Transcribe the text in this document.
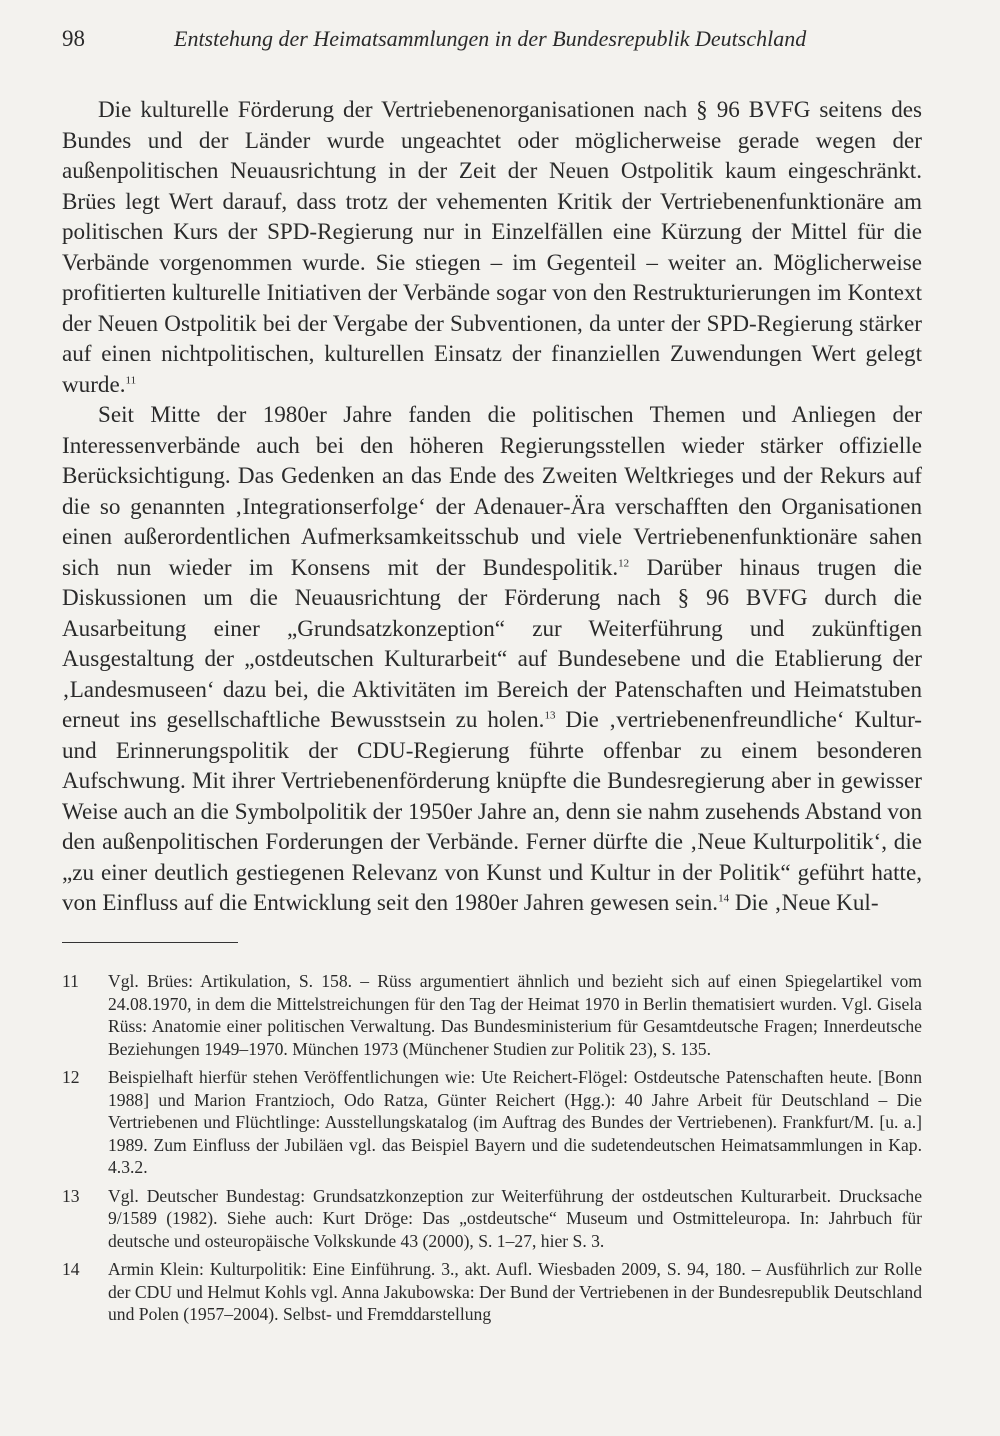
98	Entstehung der Heimatsammlungen in der Bundesrepublik Deutschland

Die kulturelle Förderung der Vertriebenenorganisationen nach § 96 BVFG seitens des Bundes und der Länder wurde ungeachtet oder möglicherweise gerade wegen der außenpolitischen Neuausrichtung in der Zeit der Neuen Ostpolitik kaum eingeschränkt. Brües legt Wert darauf, dass trotz der vehementen Kritik der Vertriebenenfunktionäre am politischen Kurs der SPD-Regierung nur in Einzelfällen eine Kürzung der Mittel für die Verbände vorgenommen wurde. Sie stiegen – im Gegenteil – weiter an. Möglicherweise profitierten kulturelle Initiativen der Verbände sogar von den Restrukturierungen im Kontext der Neuen Ostpolitik bei der Vergabe der Subventionen, da unter der SPD-Regierung stärker auf einen nichtpolitischen, kulturellen Einsatz der finanziellen Zuwendungen Wert gelegt wurde.$^{11}$

Seit Mitte der 1980er Jahre fanden die politischen Themen und Anliegen der Interessenverbände auch bei den höheren Regierungsstellen wieder stärker offizielle Berücksichtigung. Das Gedenken an das Ende des Zweiten Weltkrieges und der Rekurs auf die so genannten ‚Integrationserfolge‘ der Adenauer-Ära verschafften den Organisationen einen außerordentlichen Aufmerksamkeitsschub und viele Vertriebenenfunktionäre sahen sich nun wieder im Konsens mit der Bundespolitik.$^{12}$ Darüber hinaus trugen die Diskussionen um die Neuausrichtung der Förderung nach § 96 BVFG durch die Ausarbeitung einer „Grundsatzkonzeption“ zur Weiterführung und zukünftigen Ausgestaltung der „ostdeutschen Kulturarbeit“ auf Bundesebene und die Etablierung der ‚Landesmuseen‘ dazu bei, die Aktivitäten im Bereich der Patenschaften und Heimatstuben erneut ins gesellschaftliche Bewusstsein zu holen.$^{13}$ Die ‚vertriebenenfreundliche‘ Kultur- und Erinnerungspolitik der CDU-Regierung führte offenbar zu einem besonderen Aufschwung. Mit ihrer Vertriebenenförderung knüpfte die Bundesregierung aber in gewisser Weise auch an die Symbolpolitik der 1950er Jahre an, denn sie nahm zusehends Abstand von den außenpolitischen Forderungen der Verbände. Ferner dürfte die ‚Neue Kulturpolitik‘, die „zu einer deutlich gestiegenen Relevanz von Kunst und Kultur in der Politik“ geführt hatte, von Einfluss auf die Entwicklung seit den 1980er Jahren gewesen sein.$^{14}$ Die ‚Neue Kul-

11 Vgl. Brües: Artikulation, S. 158. – Rüss argumentiert ähnlich und bezieht sich auf einen Spiegelartikel vom 24.08.1970, in dem die Mittelstreichungen für den Tag der Heimat 1970 in Berlin thematisiert wurden. Vgl. Gisela Rüss: Anatomie einer politischen Verwaltung. Das Bundesministerium für Gesamtdeutsche Fragen; Innerdeutsche Beziehungen 1949–1970. München 1973 (Münchener Studien zur Politik 23), S. 135.

12 Beispielhaft hierfür stehen Veröffentlichungen wie: Ute Reichert-Flögel: Ostdeutsche Patenschaften heute. [Bonn 1988] und Marion Frantzioch, Odo Ratza, Günter Reichert (Hgg.): 40 Jahre Arbeit für Deutschland – Die Vertriebenen und Flüchtlinge: Ausstellungskatalog (im Auftrag des Bundes der Vertriebenen). Frankfurt/M. [u. a.] 1989. Zum Einfluss der Jubiläen vgl. das Beispiel Bayern und die sudetendeutschen Heimatsammlungen in Kap. 4.3.2.

13 Vgl. Deutscher Bundestag: Grundsatzkonzeption zur Weiterführung der ostdeutschen Kulturarbeit. Drucksache 9/1589 (1982). Siehe auch: Kurt Dröge: Das „ostdeutsche“ Museum und Ostmitteleuropa. In: Jahrbuch für deutsche und osteuropäische Volkskunde 43 (2000), S. 1–27, hier S. 3.

14 Armin Klein: Kulturpolitik: Eine Einführung. 3., akt. Aufl. Wiesbaden 2009, S. 94, 180. – Ausführlich zur Rolle der CDU und Helmut Kohls vgl. Anna Jakubowska: Der Bund der Vertriebenen in der Bundesrepublik Deutschland und Polen (1957–2004). Selbst- und Fremddarstellung
